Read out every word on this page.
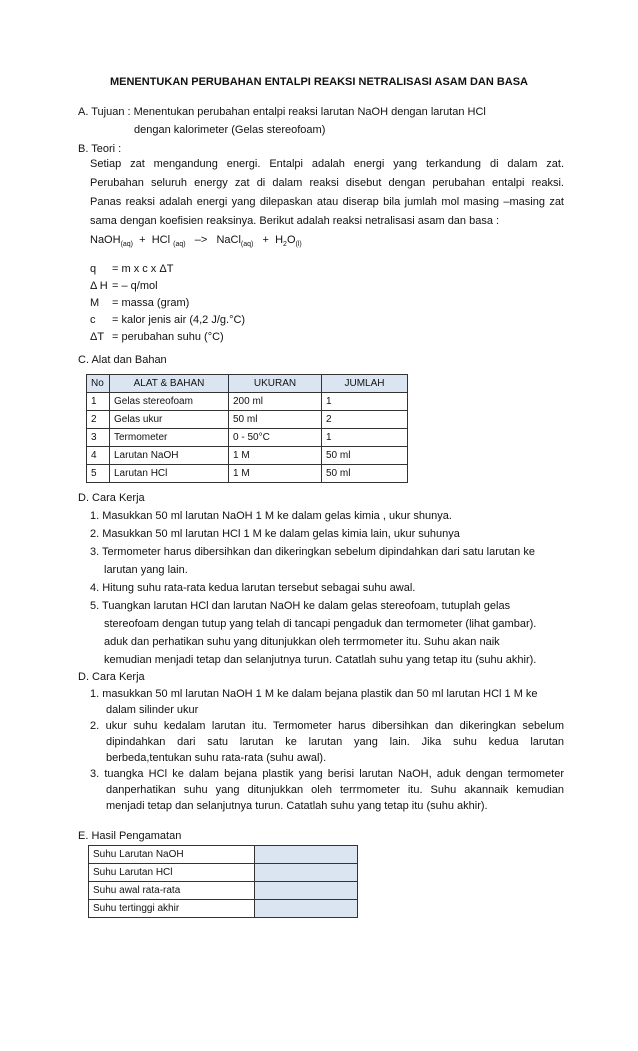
MENENTUKAN PERUBAHAN ENTALPI REAKSI NETRALISASI ASAM DAN BASA
A. Tujuan : Menentukan perubahan entalpi reaksi larutan NaOH dengan larutan HCl
dengan kalorimeter (Gelas stereofoam)
B. Teori :
Setiap zat mengandung energi. Entalpi adalah energi yang terkandung di dalam zat.
Perubahan seluruh energy zat di dalam reaksi disebut dengan perubahan entalpi reaksi.
Panas reaksi adalah energi yang dilepaskan atau diserap bila jumlah mol masing –masing zat
sama dengan koefisien reaksinya. Berikut adalah reaksi netralisasi asam dan basa :
NaOH$_{(aq)}$ + HCl $_{(aq)}$ –> NaCl$_{(aq)}$ + $H_2O_{(l)}$
q = m x c x ΔT
Δ H = – q/mol
M = massa (gram)
c = kalor jenis air (4,2 J/g.°C)
ΔT = perubahan suhu (°C)
C. Alat dan Bahan
No	ALAT & BAHAN	UKURAN	JUMLAH
1	Gelas stereofoam	200 ml	1
2	Gelas ukur	50 ml	2
3	Termometer	0 - 50°C	1
4	Larutan NaOH	1 M	50 ml
5	Larutan HCl	1 M	50 ml
D. Cara Kerja
1. Masukkan 50 ml larutan NaOH 1 M ke dalam gelas kimia , ukur shunya.
2. Masukkan 50 ml larutan HCl 1 M ke dalam gelas kimia lain, ukur suhunya
3. Termometer harus dibersihkan dan dikeringkan sebelum dipindahkan dari satu larutan ke
larutan yang lain.
4. Hitung suhu rata-rata kedua larutan tersebut sebagai suhu awal.
5. Tuangkan larutan HCl dan larutan NaOH ke dalam gelas stereofoam, tutuplah gelas
stereofoam dengan tutup yang telah di tancapi pengaduk dan termometer (lihat gambar).
aduk dan perhatikan suhu yang ditunjukkan oleh terrmometer itu. Suhu akan naik
kemudian menjadi tetap dan selanjutnya turun. Catatlah suhu yang tetap itu (suhu akhir).
D. Cara Kerja
1. masukkan 50 ml larutan NaOH 1 M ke dalam bejana plastik dan 50 ml larutan HCl 1 M ke
dalam silinder ukur
2. ukur suhu kedalam larutan itu. Termometer harus dibersihkan dan dikeringkan sebelum
dipindahkan dari satu larutan ke larutan yang lain. Jika suhu kedua larutan
berbeda,tentukan suhu rata-rata (suhu awal).
3. tuangka HCl ke dalam bejana plastik yang berisi larutan NaOH, aduk dengan termometer
danperhatikan suhu yang ditunjukkan oleh terrmometer itu. Suhu akannaik kemudian
menjadi tetap dan selanjutnya turun. Catatlah suhu yang tetap itu (suhu akhir).
E. Hasil Pengamatan
Suhu Larutan NaOH	
Suhu Larutan HCl	
Suhu awal rata-rata	
Suhu tertinggi akhir	
